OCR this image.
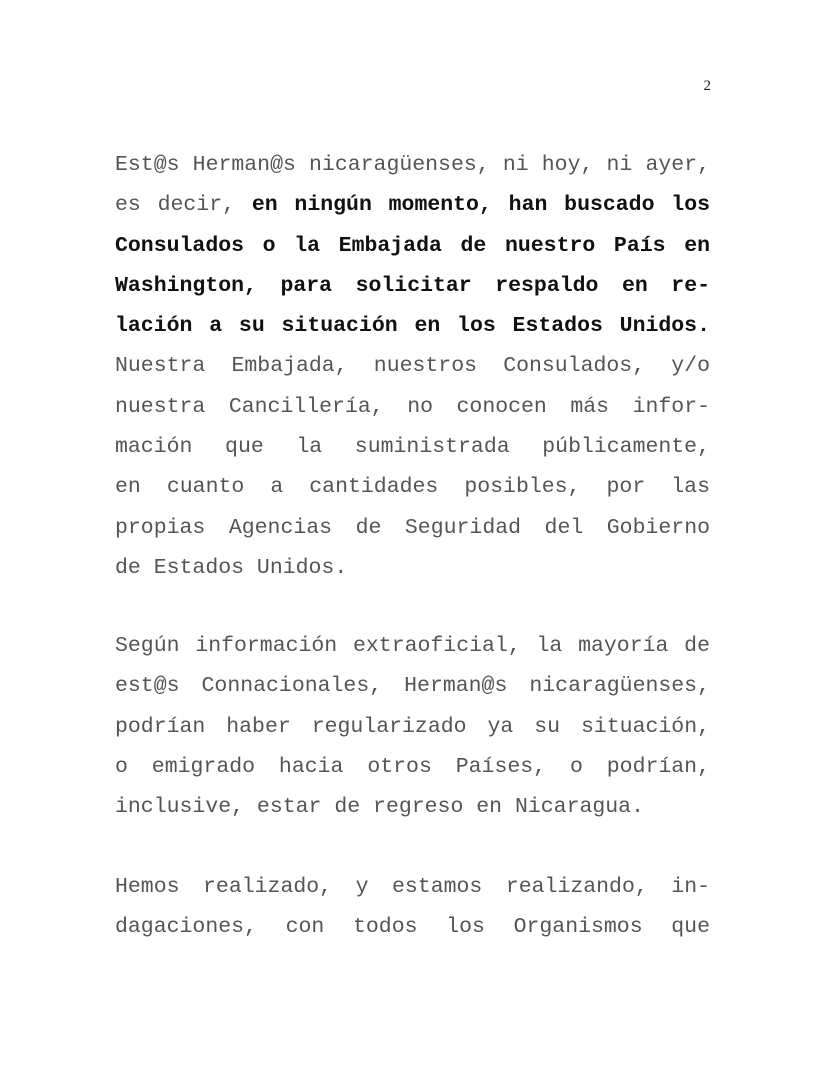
2
Est@s Herman@s nicaragüenses, ni hoy, ni ayer,
es decir, en ningún momento, han buscado los
Consulados o la Embajada de nuestro País en
Washington, para solicitar respaldo en re-
lación a su situación en los Estados Unidos.
Nuestra Embajada, nuestros Consulados, y/o
nuestra Cancillería, no conocen más infor-
mación que la suministrada públicamente,
en cuanto a cantidades posibles, por las
propias Agencias de Seguridad del Gobierno
de Estados Unidos.
Según información extraoficial, la mayoría de
est@s Connacionales, Herman@s nicaragüenses,
podrían haber regularizado ya su situación,
o emigrado hacia otros Países, o podrían,
inclusive, estar de regreso en Nicaragua.
Hemos realizado, y estamos realizando, in-
dagaciones, con todos los Organismos que
